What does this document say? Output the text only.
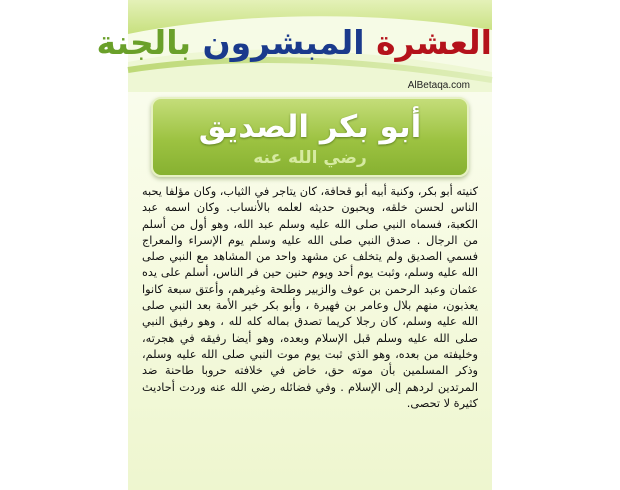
العشرة المبشرون بالجنة
AlBetaqa.com
أبو بكر الصديق
رضي الله عنه

كنيته أبو بكر، وكنية أبيه أبو قحافة، كان يتاجر في الثياب، وكان مؤلفا يحبه الناس لحسن خلقه، ويحبون حديثه لعلمه بالأنساب. وكان اسمه عبد الكعبة، فسماه النبي صلى الله عليه وسلم عبد الله، وهو أول من أسلم من الرجال . صدق النبي صلى الله عليه وسلم يوم الإسراء والمعراج فسمي الصديق ولم يتخلف عن مشهد واحد من المشاهد مع النبي صلى الله عليه وسلم، وثبت يوم أحد ويوم حنين حين فر الناس، أسلم على يده عثمان وعبد الرحمن بن عوف والزبير وطلحة وغيرهم، وأعتق سبعة كانوا يعذبون، منهم بلال وعامر بن فهيرة ، وأبو بكر خير الأمة بعد النبي صلى الله عليه وسلم، كان رجلا كريما تصدق بماله كله لله ، وهو رفيق النبي صلى الله عليه وسلم قبل الإسلام وبعده، وهو أيضا رفيقه في هجرته، وخليفته من بعده، وهو الذي ثبت يوم موت النبي صلى الله عليه وسلم، وذكر المسلمين بأن موته حق، خاض في خلافته حروبا طاحنة ضد المرتدين لردهم إلى الإسلام . وفي فضائله رضي الله عنه وردت أحاديث كثيرة لا تحصى.
